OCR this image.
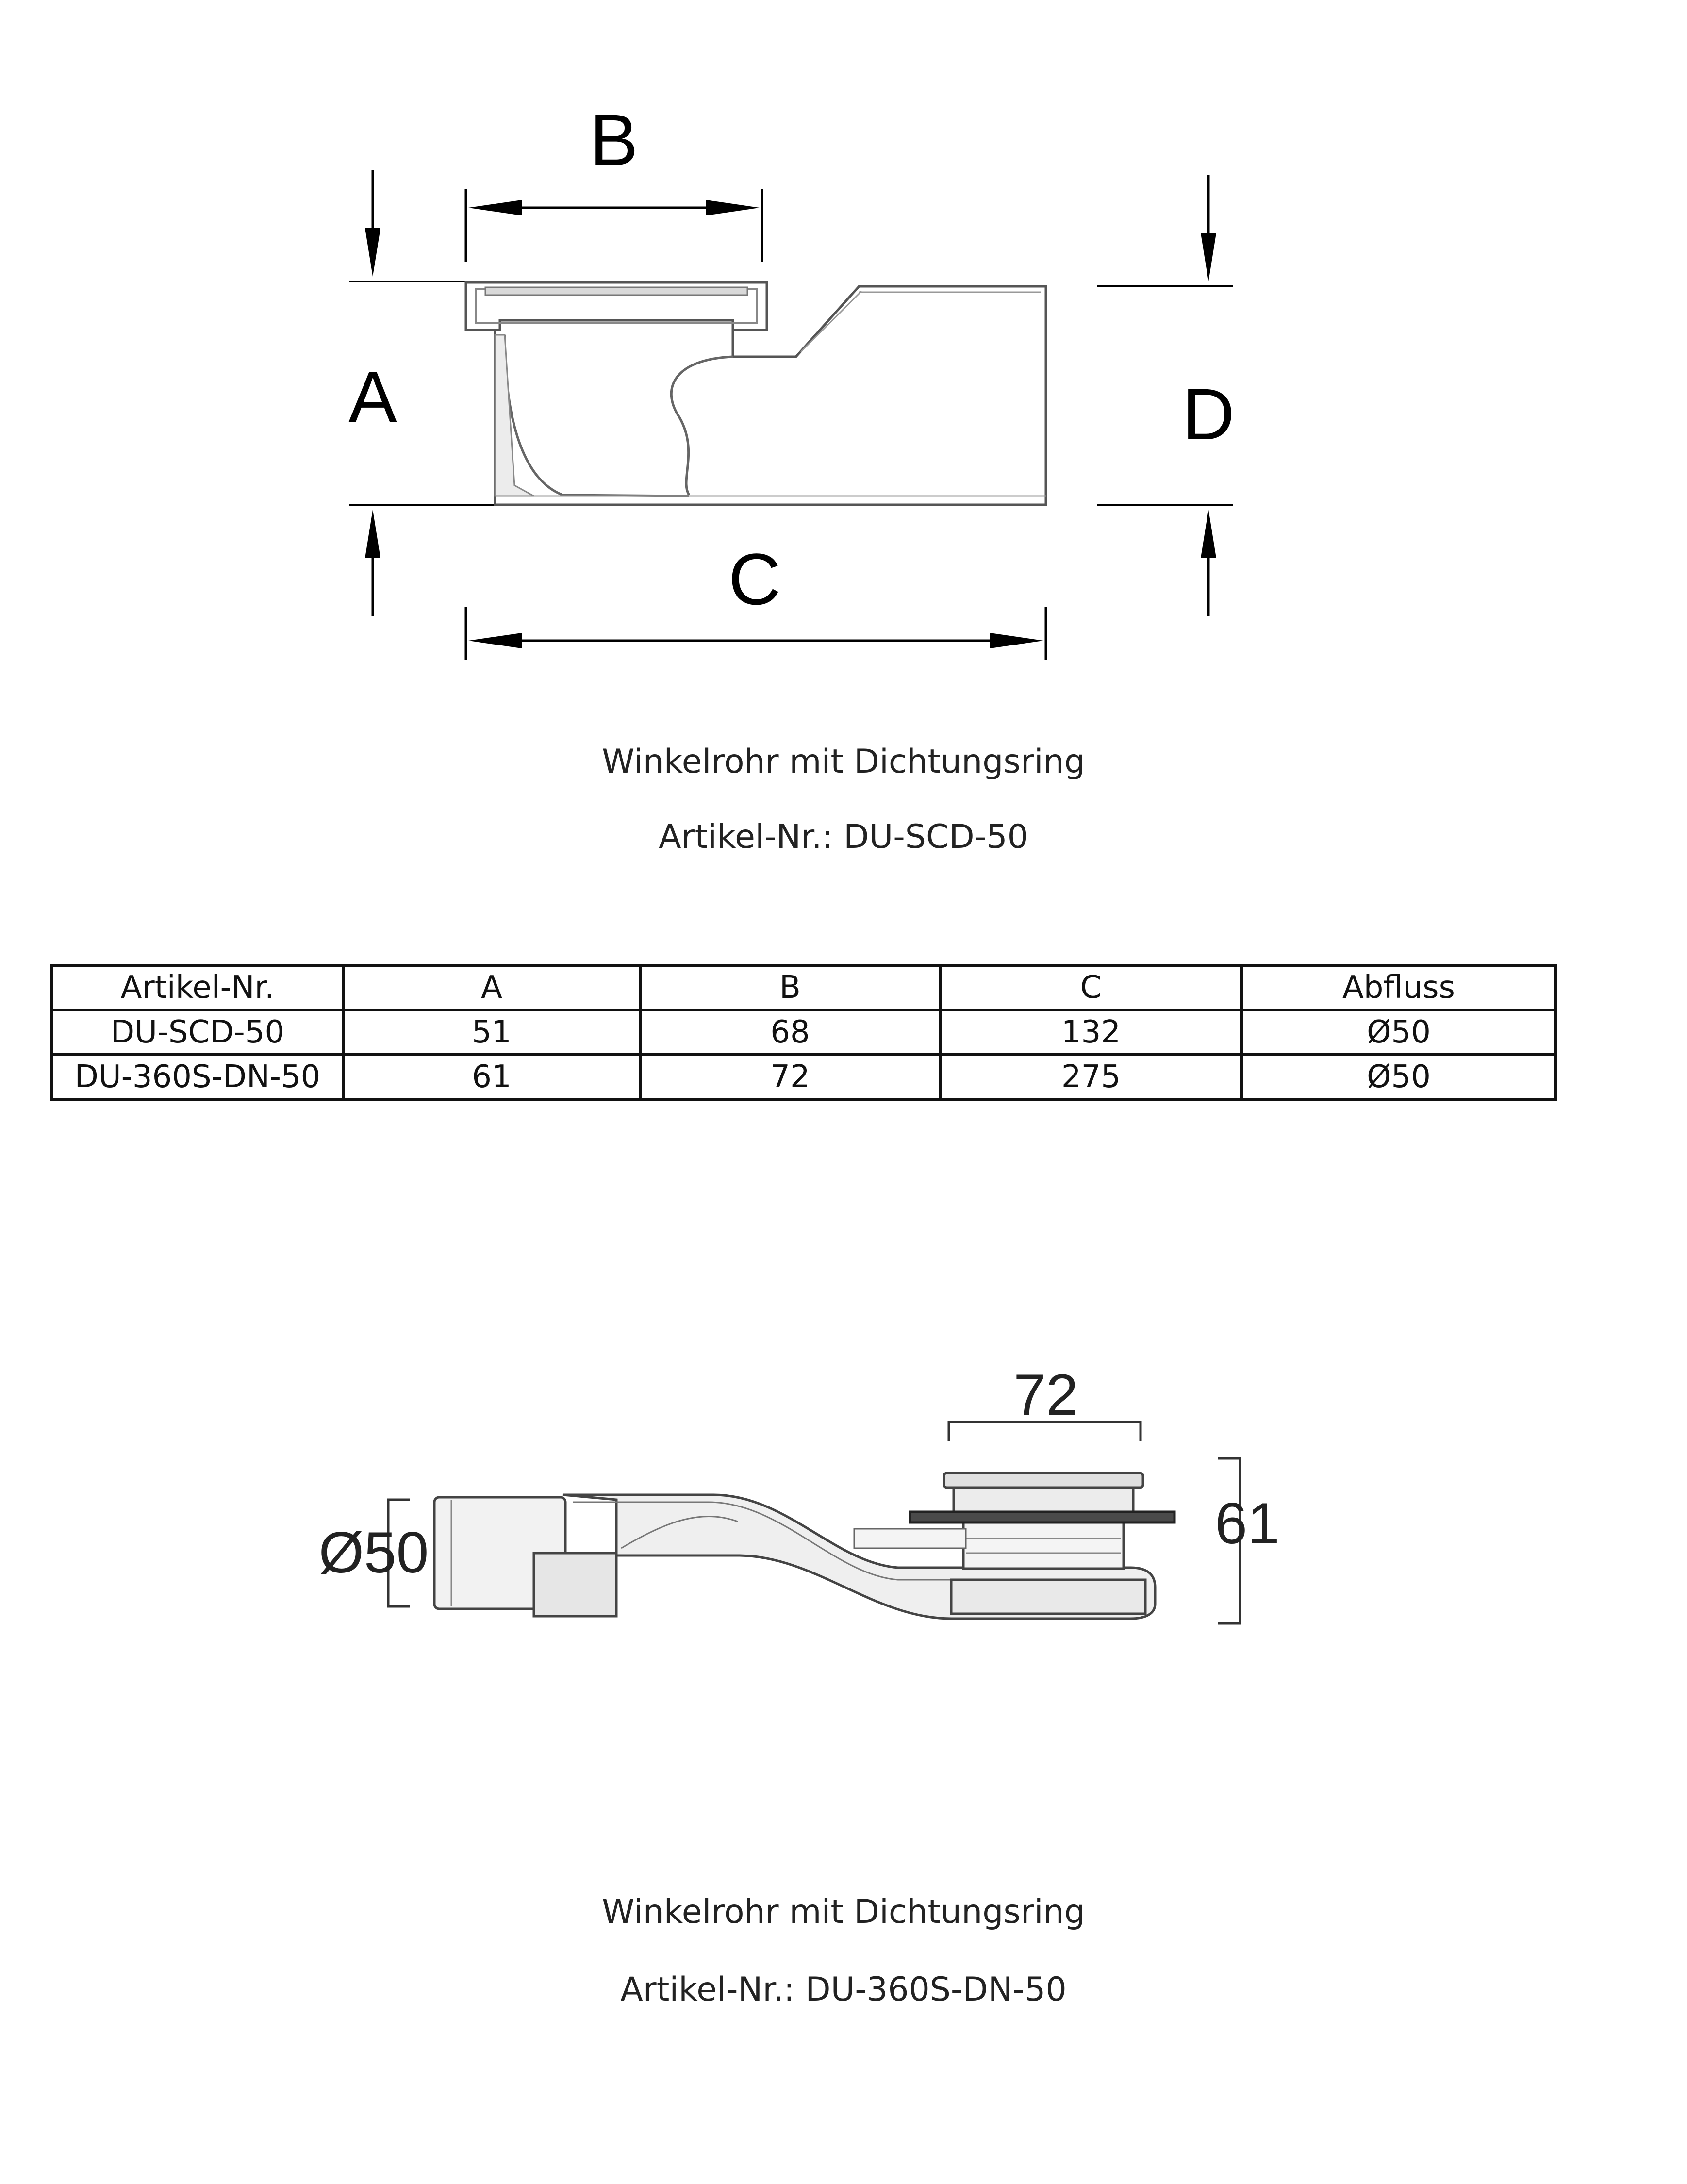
B
A	D
C
Winkelrohr mit Dichtungsring
Artikel-Nr.: DU-SCD-50
Artikel-Nr.	A	B	C	Abfluss
DU-SCD-50	51	68	132	Ø50
DU-360S-DN-50	61	72	275	Ø50
72
61
Ø50
Winkelrohr mit Dichtungsring
Artikel-Nr.: DU-360S-DN-50
